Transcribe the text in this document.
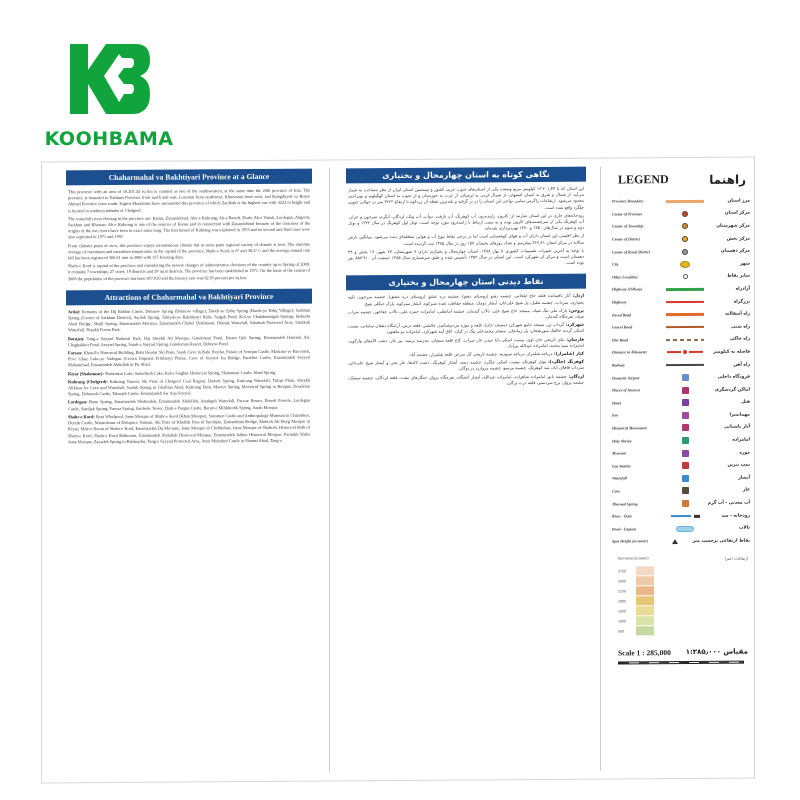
KOOHBAMA
Chaharmahal va Bakhtiyari Province at a Glance

This province with an area of 16,201.44 sq km is counted as one of the southwestern, at the same time the 20th province of Iran. The province is bounded to Esfahan Province from north and east, Lorestan from northwest, Khuzestan from west, and Kohgiluyeh va Boyer Ahmad Province from south. Zagros Mountains have surrounded this province of which Zardkuh is the highest one with 4222 m height and is located in southern suburbs of Chelgerd.

The waterfall rivers flowing in the province are: Karun, Zayandehrud, Abe-e Kuhrang, Ab-e Bazoft, Doab, Ab-e Vanak, Lordegan, Abgerm, Sarkhun and Kherran. Ab-e Kuhrang is one of the sources of Karun and in connection with Zayandehrud because of the clearness of the origins of the two rivers have been in exact same tong. The first tunnel of Kuhrang was exploited in 1953 and its second and third ones were also exploited in 1971 and 1991.

From climatic point of view, this province enjoys mountainous climate but in some parts regional variety of climate is seen. The absolute average of maximum and maximum temperature in the capital of the province, Shahr-e Kord, is 6° and 38.2° C and the average annual rain fall has been registered 366.61 mm in 2006 with 157 freezing days.

Shahr-e Kord is capital of the province and considering the newest changes of administrative divisions of the country up to Spring of 2009, it contains 7 townships, 27 cities, 19 districts and 39 rural districts. The province has been established in 1971. On the basis of the census of 2006 the population of the province has been 857,910 and the literacy rate was 82.95 percent per sq km.

Attractions of Chaharmahal va Bakhtiyari Province

Ardal: Remains of the Hij Bablan Castle, Dehnow Spring (Dehnow village); Dareh-ye Eshq Spring (Dareh-ye Eshq Village); Sarkhun Spring (Center of Sarkhun District), Sardab Spring, Tabiyeh-ye Bakhtiyari Halls, Saigah Pond, Kol-ye Chalabarnegah Springs, Behesht Abad Bridge, Shalil Spring, Emamzadeh Morteza, Emamzadeh Chehel Dokhtaran, Dumak Waterfall, Sabzkuh Protected Area, Sabzkuh Waterfall, Shaykh Forest Park.

Borujen: Tang-e Sayyad National Park, Haj Sheykh Ali Mosque, Gandoman Pond, Emam Qoli Spring, Emamzadeh Hamzeh Ali, Chaghakhor Pond, Sayyad Spring, Sarab-e Sayyad Spring, Gandoman Resort, Dehnow Pond.

Farsan: Khan-Ev Historical Building, Babi Heydar Ski Piste, Sarab Cave in Babi Heydar, Palace of Senejan Castle, Madrasa-ye Bar-mieh, Pir-e Ghar, Lake-ye Vadegan (Crown Imperial Fritillary) Plains, Cave of Seyyed Isa Bridge, Paradise Castle, Emamzadeh Seyyed Mohammad, Emamzadeh Abdollah in Pir Abad.

Kiyar (Shalamzar): Shalamzar Lake, Sanudiyeh Lake, Kal-e Sarghar Historical Spring, Shalamzar Castle, Abad Spring.

Kuhrang (Chelgerd): Kuhrang Tunnel, Ski Piste of Chelgerd Coal Region, Dameh Spring, Kuhrang Waterfall, Tulips Plain, Sheykh Alikhan Ice Cave and Waterfall, Sardab Spring in Ghafilan Abad, Kuhrang Dam, Marsev Spring, Morvarid Spring in Bovgan, Doudelan Spring, Dehnowh Castle, Tabaqeh Castle, Emamzadeh Sar Aqa Seyyed.

Lordegan: Banu Spring, Emamzadeh Shahzadeh, Emamzadeh Abdollah, Atashgah Waterfall, Parvaz Resort, Banoft Forests, Lordegan Castle, Sandjak Spring, Parvaz Spring, Sardsehr Tower, Darb-e Pargan Castle, Barun-e Milikheshk Spring, Sarab Mosque.

Shahr-e Kord: Beni Whirlpool, Jame Mosque of Shahr-e Kord (Khan Mosque), Sonsmen Castle and Anthropology Museum in Chaleshtor, Deresh Castle, Mausoleum of Dehqan-e Samani, Ski Piste of Khalfak Pass in Surehjan, Zamankhan Bridge, Mohreh Ali Beyg Mosque in Kiyan, Mirror Room of Shahr-e Kord, Emamzadeh Du Ma-tune, Jame Mosque of Chehkohan, Jame Mosque of Shahreh, Historical Bath of Shahr-e Kord, Shahr-e Kord Bathroom, Emamzadeh Abdollah Historical Mosque, Emamzadeh Jabber Historical Mosque, Parmikh Shahr Jame Mosque, Zayadeh Spring in Babhaydar, Tang-e Sayyad Protected Area, Amir Mojtahed Castle in Shamsi Abad, Tang-e.

نگاهی کوتاه به استان چهارمحال و بختیاری

این استان که با ۱۶٬۲۰۱٫۴۴ کیلومتر مربع وسعت یکی از استان‌های جنوب غربی کشور و بیستمین استان ایران از نظر مساحت به شمار می‌آید، از شمال و شرق به استان اصفهان، از شمال غربی به لرستان، از غرب به خوزستان و از جنوب به استان کهگیلویه و بویراحمد محدود می‌شود. ارتفاعات زاگرس تمامی نواحی این استان را در بر گرفته و بلندترین نقطه آن زردکوه با ارتفاع ۴۲۲۲ متر در حوالی جنوبی چلگرد واقع شده است.

رودخانه‌های جاری در این استان عبارتند از: کارون، زاینده‌رود، آب کوهرنگ، آب بازفت، دوآب، آب ونک، لردگان، آبگرم، سرخون و خران. آب کوهرنگ یکی از سرچشمه‌های کارون بوده و به سبب ارتباط با زاینده‌رود مورد توجه است. تونل اول کوهرنگ در سال ۱۳۳۲ و تونل دوم و سوم در سال‌های ۱۳۵۰ و ۱۳۷۰ بهره‌برداری شده‌اند.

از نظر اقلیمی این استان دارای آب و هوای کوهستانی است اما در برخی نقاط تنوع آب و هوایی منطقه‌ای دیده می‌شود. میانگین بارش سالانه در مرکز استان ۳۶۶٫۶۱ میلی‌متر و تعداد روزهای یخبندان ۱۵۷ روز در سال ۱۳۸۵ ثبت گردیده است.

با توجه به آخرین تغییرات تقسیمات کشوری تا بهار ۱۳۸۸، استان چهارمحال و بختیاری دارای ۷ شهرستان، ۲۷ شهر، ۱۹ بخش و ۳۹ دهستان است و مرکز آن شهرکرد است. این استان در سال ۱۳۵۲ تأسیس شده و طبق سرشماری سال ۱۳۸۵ جمعیت آن ۸۵۷٬۹۱۰ نفر بوده است.

نقاط دیدنی استان چهارمحال و بختیاری

اردل: آثار باقیمانده قلعه حاج ایلخانی، چشمه دهنو (روستای دهنو)، چشمه دره عشق (روستای دره عشق)، چشمه سرخون، تکیه بختیاری، سرداب، چشمه شلیل، پل شیخ علی‌خان، آبشار دومک، منطقه حفاظت شده سبزکوه، آبشار سبزکوه، پارک جنگلی شیخ.

بروجن: پارک ملی تنگ صیاد، مسجد حاج شیخ علی، تالاب گندمان، چشمه امامقلی، امامزاده حمزه علی، تالاب چغاخور، چشمه سراب صیاد، تفرجگاه گندمان.

شهرکرد: گرداب بن، مسجد جامع شهرکرد (مسجد خان)، قلعه و موزه مردم‌شناسی چالشتر، قلعه درش، آرامگاه دهقان سامانی، پیست اسکی گردنه خالفک سورشجان، پل زمانخان، مسجد محمدعلی بیگ در کیان، اتاق آینه شهرکرد، امامزاده دو ماهتون.

فارسان: بنای تاریخی خان اوی، پیست اسکی بابا حیدر، غار سراب، کاخ قلعه سنجان، مدرسه برمیه، پیر غار، دشت لاله‌های واژگون، امامزاده سید محمد، امامزاده عبدالله پیرآباد.

کیار (شلمزار): دریاچه شلمزار، دریاچه سنودیه، چشمه تاریخی کل سرغر، قلعه شلمزار، چشمه آباد.

کوهرنگ (چلگرد): تونل کوهرنگ، پیست اسکی چلگرد، چشمه دیمه، آبشار کوهرنگ، دشت لاله‌ها، غار یخی و آبشار شیخ علی‌خان، سرداب قافلان آباد، سد کوهرنگ، چشمه مرسو، چشمه مروارید در بوگان.

لردگان: چشمه بانو، امامزاده شاهزاده، امامزاده عبدالله، آبشار آتشگاه، تفرجگاه پرواز، جنگل‌های بنفت، قلعه لردگان، چشمه سنجک، چشمه پرواز، برج سردسیر، قلعه درب پرگان.

LEGEND	راهنما
Province Boundary	مرز استان
Center of Province	مرکز استان
Center of Township	مرکز شهرستان
Center of District	مرکز بخش
Center of Rural District	مرکز دهستان
City	شهر
Other Localities	سایر نقاط
Highway (Tollway)	آزادراه
Highway	بزرگراه
Paved Road	راه آسفالته
Gravel Road	راه شنی
Dirt Road	راه خاکی
Distance in Kilometer	فاصله به کیلومتر
Railway	راه آهن
Domestic Airport	فرودگاه داخلی
Places of Interest	اماکن گردشگری
Hotel	هتل
Inn	مهمانسرا
Historical Monument	آثار باستانی
Holy Shrine	امامزاده
Museum	موزه
Gas Station	پمپ بنزین
Waterfall	آبشار
Cave	غار
Thermal Spring	آب معدنی - آب گرم
River - Dam	رودخانه - سد
Pond - Lagoon	تالاب
Spot Height (in meter)	نقاط ارتفاعی برحسب متر
Elevation (in meter)	ارتفاعات (متر)
2750
2500
2150
1800
1500
1000
500
Scale 1 : 285,000 مقیاس ۱:۲۸۵٫۰۰۰
